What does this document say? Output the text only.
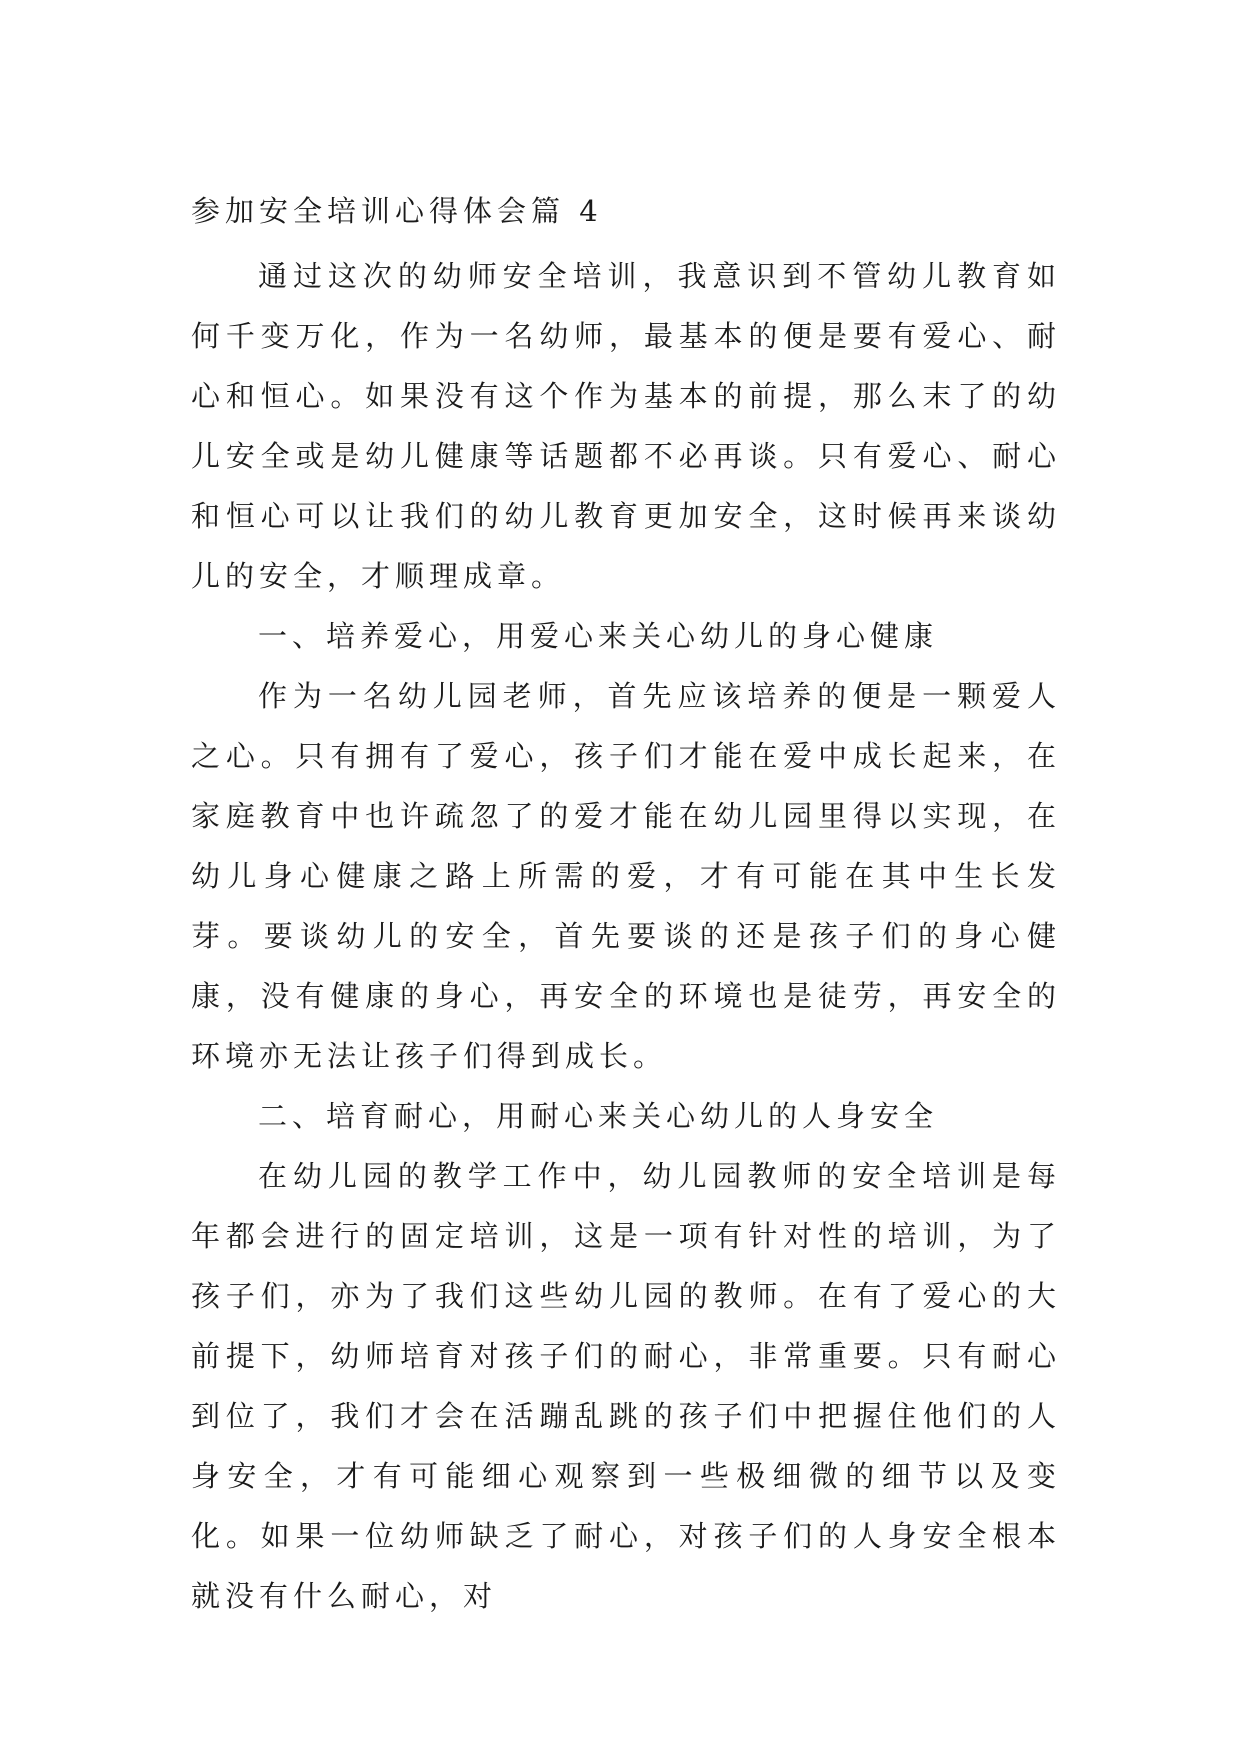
参加安全培训心得体会篇 4

通过这次的幼师安全培训，我意识到不管幼儿教育如何千变万化，作为一名幼师，最基本的便是要有爱心、耐心和恒心。如果没有这个作为基本的前提，那么末了的幼儿安全或是幼儿健康等话题都不必再谈。只有爱心、耐心和恒心可以让我们的幼儿教育更加安全，这时候再来谈幼儿的安全，才顺理成章。

一、培养爱心，用爱心来关心幼儿的身心健康

作为一名幼儿园老师，首先应该培养的便是一颗爱人之心。只有拥有了爱心，孩子们才能在爱中成长起来，在家庭教育中也许疏忽了的爱才能在幼儿园里得以实现，在幼儿身心健康之路上所需的爱，才有可能在其中生长发芽。要谈幼儿的安全，首先要谈的还是孩子们的身心健康，没有健康的身心，再安全的环境也是徒劳，再安全的环境亦无法让孩子们得到成长。

二、培育耐心，用耐心来关心幼儿的人身安全

在幼儿园的教学工作中，幼儿园教师的安全培训是每年都会进行的固定培训，这是一项有针对性的培训，为了孩子们，亦为了我们这些幼儿园的教师。在有了爱心的大前提下，幼师培育对孩子们的耐心，非常重要。只有耐心到位了，我们才会在活蹦乱跳的孩子们中把握住他们的人身安全，才有可能细心观察到一些极细微的细节以及变化。如果一位幼师缺乏了耐心，对孩子们的人身安全根本就没有什么耐心，对
